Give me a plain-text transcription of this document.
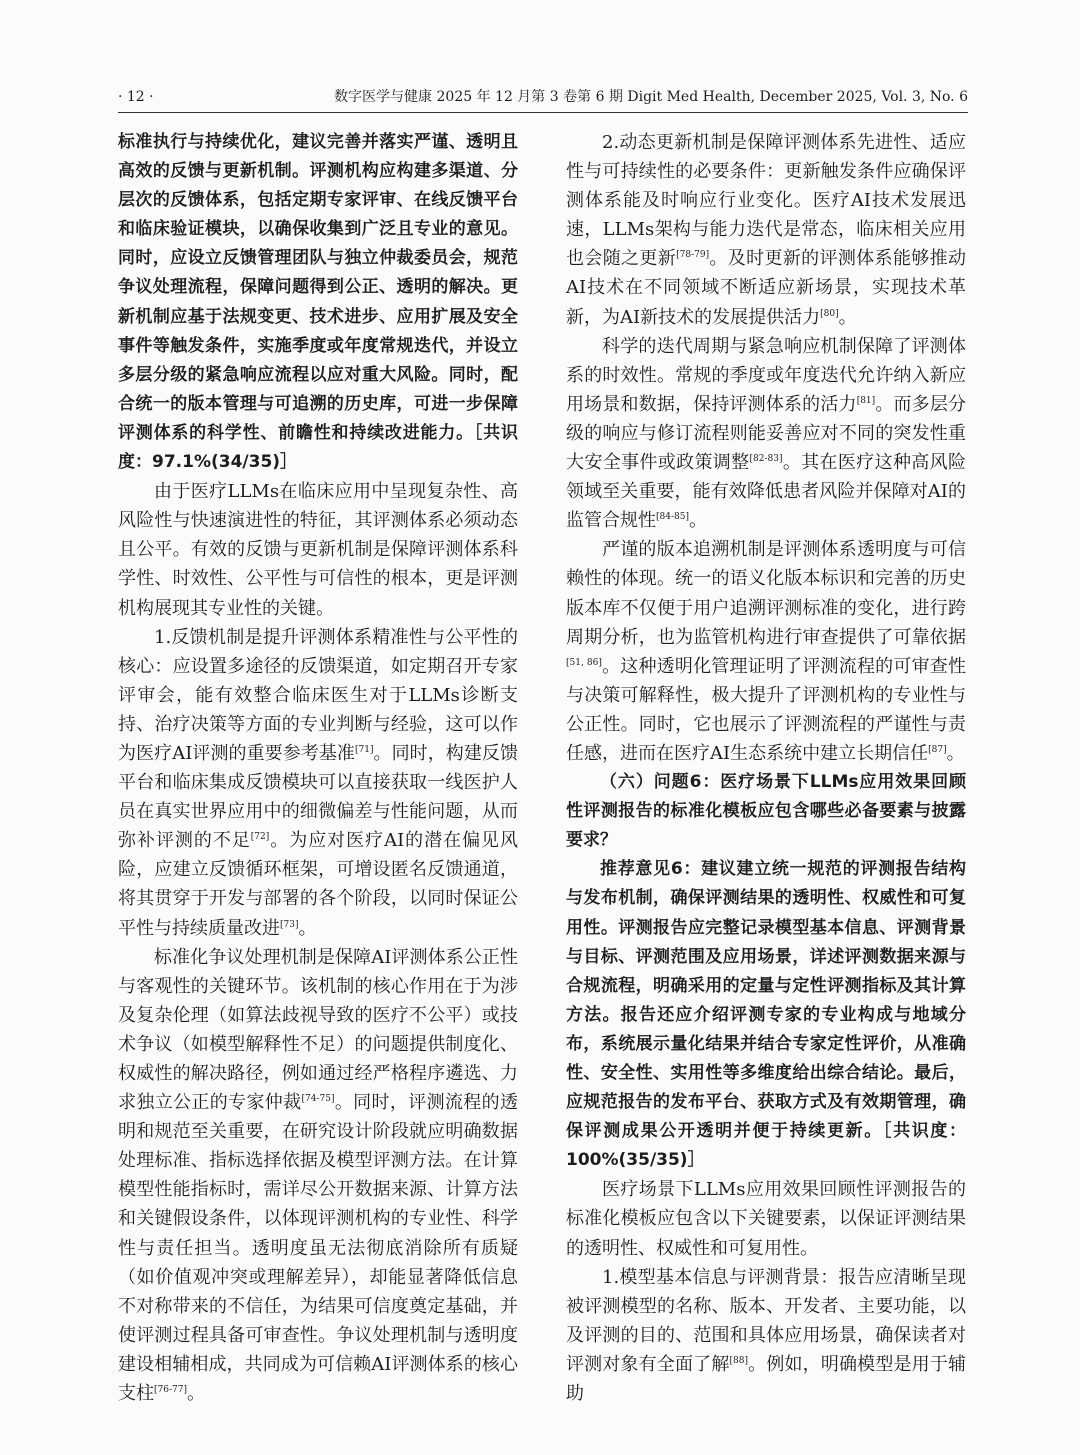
· 12 ·	数字医学与健康 2025 年 12 月第 3 卷第 6 期 Digit Med Health, December 2025, Vol. 3, No. 6

标准执行与持续优化，建议完善并落实严谨、透明且高效的反馈与更新机制。评测机构应构建多渠道、分层次的反馈体系，包括定期专家评审、在线反馈平台和临床验证模块，以确保收集到广泛且专业的意见。同时，应设立反馈管理团队与独立仲裁委员会，规范争议处理流程，保障问题得到公正、透明的解决。更新机制应基于法规变更、技术进步、应用扩展及安全事件等触发条件，实施季度或年度常规迭代，并设立多层分级的紧急响应流程以应对重大风险。同时，配合统一的版本管理与可追溯的历史库，可进一步保障评测体系的科学性、前瞻性和持续改进能力。［共识度：97.1%(34/35)］

由于医疗LLMs在临床应用中呈现复杂性、高风险性与快速演进性的特征，其评测体系必须动态且公平。有效的反馈与更新机制是保障评测体系科学性、时效性、公平性与可信性的根本，更是评测机构展现其专业性的关键。

1.反馈机制是提升评测体系精准性与公平性的核心：应设置多途径的反馈渠道，如定期召开专家评审会，能有效整合临床医生对于LLMs诊断支持、治疗决策等方面的专业判断与经验，这可以作为医疗AI评测的重要参考基准[71]。同时，构建反馈平台和临床集成反馈模块可以直接获取一线医护人员在真实世界应用中的细微偏差与性能问题，从而弥补评测的不足[72]。为应对医疗AI的潜在偏见风险，应建立反馈循环框架，可增设匿名反馈通道，将其贯穿于开发与部署的各个阶段，以同时保证公平性与持续质量改进[73]。

标准化争议处理机制是保障AI评测体系公正性与客观性的关键环节。该机制的核心作用在于为涉及复杂伦理（如算法歧视导致的医疗不公平）或技术争议（如模型解释性不足）的问题提供制度化、权威性的解决路径，例如通过经严格程序遴选、力求独立公正的专家仲裁[74-75]。同时，评测流程的透明和规范至关重要，在研究设计阶段就应明确数据处理标准、指标选择依据及模型评测方法。在计算模型性能指标时，需详尽公开数据来源、计算方法和关键假设条件，以体现评测机构的专业性、科学性与责任担当。透明度虽无法彻底消除所有质疑（如价值观冲突或理解差异），却能显著降低信息不对称带来的不信任，为结果可信度奠定基础，并使评测过程具备可审查性。争议处理机制与透明度建设相辅相成，共同成为可信赖AI评测体系的核心支柱[76-77]。

2.动态更新机制是保障评测体系先进性、适应性与可持续性的必要条件：更新触发条件应确保评测体系能及时响应行业变化。医疗AI技术发展迅速，LLMs架构与能力迭代是常态，临床相关应用也会随之更新[78-79]。及时更新的评测体系能够推动AI技术在不同领域不断适应新场景，实现技术革新，为AI新技术的发展提供活力[80]。

科学的迭代周期与紧急响应机制保障了评测体系的时效性。常规的季度或年度迭代允许纳入新应用场景和数据，保持评测体系的活力[81]。而多层分级的响应与修订流程则能妥善应对不同的突发性重大安全事件或政策调整[82-83]。其在医疗这种高风险领域至关重要，能有效降低患者风险并保障对AI的监管合规性[84-85]。

严谨的版本追溯机制是评测体系透明度与可信赖性的体现。统一的语义化版本标识和完善的历史版本库不仅便于用户追溯评测标准的变化，进行跨周期分析，也为监管机构进行审查提供了可靠依据[51, 86]。这种透明化管理证明了评测流程的可审查性与决策可解释性，极大提升了评测机构的专业性与公正性。同时，它也展示了评测流程的严谨性与责任感，进而在医疗AI生态系统中建立长期信任[87]。

（六）问题6：医疗场景下LLMs应用效果回顾性评测报告的标准化模板应包含哪些必备要素与披露要求？

推荐意见6：建议建立统一规范的评测报告结构与发布机制，确保评测结果的透明性、权威性和可复用性。评测报告应完整记录模型基本信息、评测背景与目标、评测范围及应用场景，详述评测数据来源与合规流程，明确采用的定量与定性评测指标及其计算方法。报告还应介绍评测专家的专业构成与地域分布，系统展示量化结果并结合专家定性评价，从准确性、安全性、实用性等多维度给出综合结论。最后，应规范报告的发布平台、获取方式及有效期管理，确保评测成果公开透明并便于持续更新。［共识度：100%(35/35)］

医疗场景下LLMs应用效果回顾性评测报告的标准化模板应包含以下关键要素，以保证评测结果的透明性、权威性和可复用性。

1.模型基本信息与评测背景：报告应清晰呈现被评测模型的名称、版本、开发者、主要功能，以及评测的目的、范围和具体应用场景，确保读者对评测对象有全面了解[88]。例如，明确模型是用于辅助
